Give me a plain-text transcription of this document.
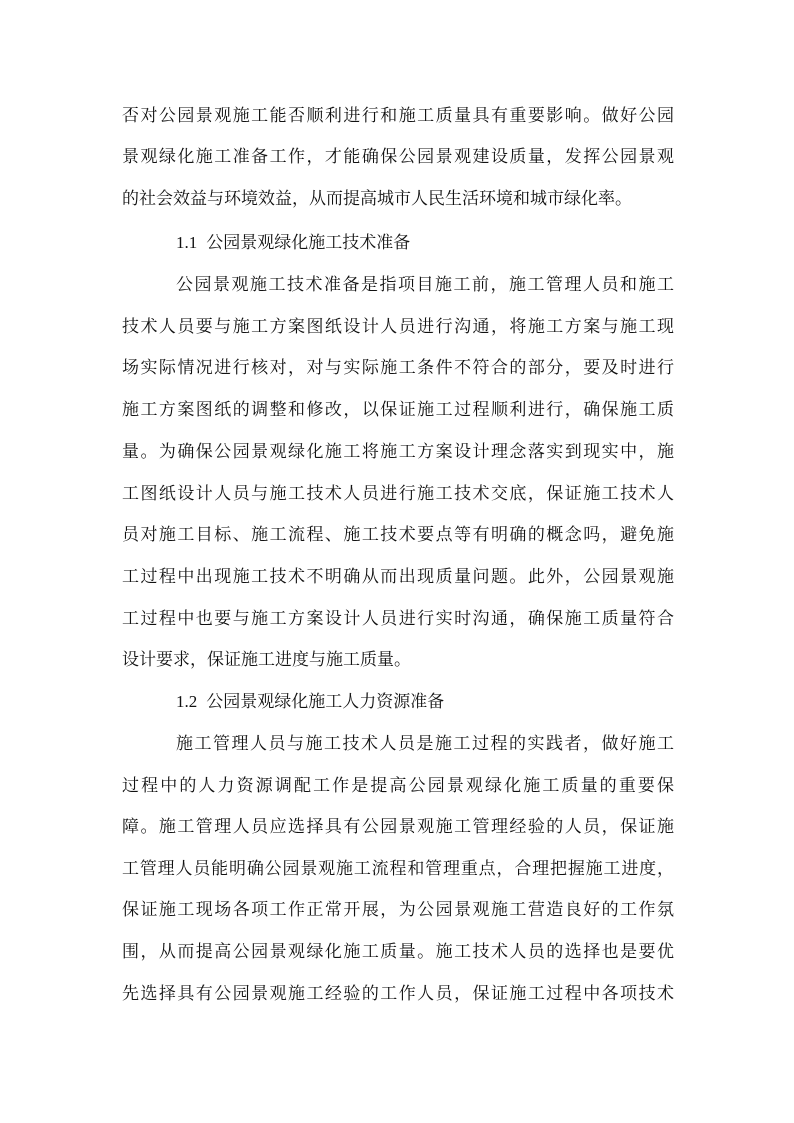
否对公园景观施工能否顺利进行和施工质量具有重要影响。做好公园
景观绿化施工准备工作，才能确保公园景观建设质量，发挥公园景观
的社会效益与环境效益，从而提高城市人民生活环境和城市绿化率。
1.1 公园景观绿化施工技术准备
公园景观施工技术准备是指项目施工前，施工管理人员和施工
技术人员要与施工方案图纸设计人员进行沟通，将施工方案与施工现
场实际情况进行核对，对与实际施工条件不符合的部分，要及时进行
施工方案图纸的调整和修改，以保证施工过程顺利进行，确保施工质
量。为确保公园景观绿化施工将施工方案设计理念落实到现实中，施
工图纸设计人员与施工技术人员进行施工技术交底，保证施工技术人
员对施工目标、施工流程、施工技术要点等有明确的概念吗，避免施
工过程中出现施工技术不明确从而出现质量问题。此外，公园景观施
工过程中也要与施工方案设计人员进行实时沟通，确保施工质量符合
设计要求，保证施工进度与施工质量。
1.2 公园景观绿化施工人力资源准备
施工管理人员与施工技术人员是施工过程的实践者，做好施工
过程中的人力资源调配工作是提高公园景观绿化施工质量的重要保
障。施工管理人员应选择具有公园景观施工管理经验的人员，保证施
工管理人员能明确公园景观施工流程和管理重点，合理把握施工进度，
保证施工现场各项工作正常开展，为公园景观施工营造良好的工作氛
围，从而提高公园景观绿化施工质量。施工技术人员的选择也是要优
先选择具有公园景观施工经验的工作人员，保证施工过程中各项技术
